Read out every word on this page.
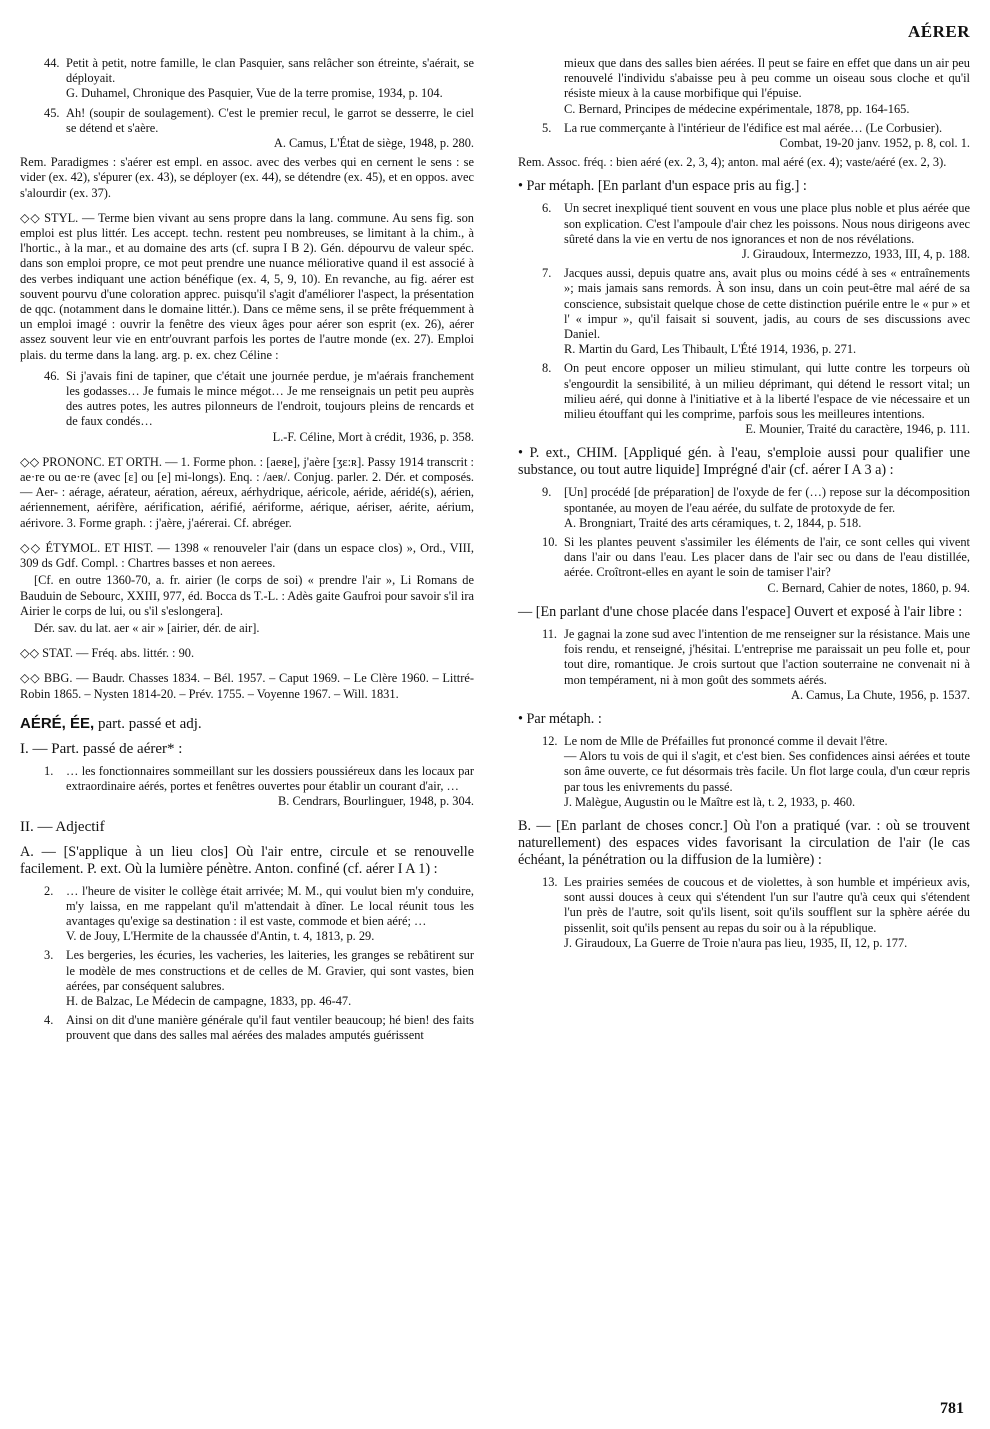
AÉRER
44. Petit à petit, notre famille, le clan Pasquier, sans relâcher son étreinte, s'aérait, se déployait.
G. Duhamel, Chronique des Pasquier, Vue de la terre promise, 1934, p. 104.
45. Ah! (soupir de soulagement). C'est le premier recul, le garrot se desserre, le ciel se détend et s'aère.
A. Camus, L'État de siège, 1948, p. 280.

Rem. Paradigmes : s'aérer est empl. en assoc. avec des verbes qui en cernent le sens : se vider (ex. 42), s'épurer (ex. 43), se déployer (ex. 44), se détendre (ex. 45), et en oppos. avec s'alourdir (ex. 37).

◇◇ STYL. — Terme bien vivant au sens propre dans la lang. commune. Au sens fig. son emploi est plus littér. Les accept. techn. restent peu nombreuses, se limitant à la chim., à l'hortic., à la mar., et au domaine des arts (cf. supra I B 2). Gén. dépourvu de valeur spéc. dans son emploi propre, ce mot peut prendre une nuance méliorative quand il est associé à des verbes indiquant une action bénéfique (ex. 4, 5, 9, 10). En revanche, au fig. aérer est souvent pourvu d'une coloration apprec. puisqu'il s'agit d'améliorer l'aspect, la présentation de qqc. (notamment dans le domaine littér.). Dans ce même sens, il se prête fréquemment à un emploi imagé : ouvrir la fenêtre des vieux âges pour aérer son esprit (ex. 26), aérer assez souvent leur vie en entr'ouvrant parfois les portes de l'autre monde (ex. 27). Emploi plais. du terme dans la lang. arg. p. ex. chez Céline :

46. Si j'avais fini de tapiner, que c'était une journée perdue, je m'aérais franchement les godasses… Je fumais le mince mégot… Je me renseignais un petit peu auprès des autres potes, les autres pilonneurs de l'endroit, toujours pleins de rencards et de faux condés…
L.-F. Céline, Mort à crédit, 1936, p. 358.

◇◇ PRONONC. ET ORTH. — 1. Forme phon. : [aeʀe], j'aère [ʒɛ:ʀ]. Passy 1914 transcrit : ae·re ou ɑe·re (avec [ɛ] ou [e] mi-longs). Enq. : /aeʀ/. Conjug. parler. 2. Dér. et composés. — Aer- : aérage, aérateur, aération, aéreux, aérhydrique, aéricole, aéride, aéridé(s), aérien, aériennement, aérifère, aérification, aérifié, aériforme, aérique, aériser, aérite, aérium, aérivore. 3. Forme graph. : j'aère, j'aérerai. Cf. abréger.

◇◇ ÉTYMOL. ET HIST. — 1398 « renouveler l'air (dans un espace clos) », Ord., VIII, 309 ds Gdf. Compl. : Chartres basses et non aerees.

[Cf. en outre 1360-70, a. fr. airier (le corps de soi) « prendre l'air », Li Romans de Bauduin de Sebourc, XXIII, 977, éd. Bocca ds T.-L. : Adès gaite Gaufroi pour savoir s'il ira Airier le corps de lui, ou s'il s'eslongera].

Dér. sav. du lat. aer « air » [airier, dér. de air].

◇◇ STAT. — Fréq. abs. littér. : 90.

◇◇ BBG. — Baudr. Chasses 1834. – Bél. 1957. – Caput 1969. – Le Clère 1960. – Littré-Robin 1865. – Nysten 1814-20. – Prév. 1755. – Voyenne 1967. – Will. 1831.

AÉRÉ, ÉE, part. passé et adj.
I. — Part. passé de aérer* :
1. … les fonctionnaires sommeillant sur les dossiers poussiéreux dans les locaux par extraordinaire aérés, portes et fenêtres ouvertes pour établir un courant d'air, …
B. Cendrars, Bourlinguer, 1948, p. 304.
II. — Adjectif
A. — [S'applique à un lieu clos] Où l'air entre, circule et se renouvelle facilement. P. ext. Où la lumière pénètre. Anton. confiné (cf. aérer I A 1) :
2. … l'heure de visiter le collège était arrivée; M. M., qui voulut bien m'y conduire, m'y laissa, en me rappelant qu'il m'attendait à dîner. Le local réunit tous les avantages qu'exige sa destination : il est vaste, commode et bien aéré; …
V. de Jouy, L'Hermite de la chaussée d'Antin, t. 4, 1813, p. 29.
3. Les bergeries, les écuries, les vacheries, les laiteries, les granges se rebâtirent sur le modèle de mes constructions et de celles de M. Gravier, qui sont vastes, bien aérées, par conséquent salubres.
H. de Balzac, Le Médecin de campagne, 1833, pp. 46-47.
4. Ainsi on dit d'une manière générale qu'il faut ventiler beaucoup; hé bien! des faits prouvent que dans des salles mal aérées des malades amputés guérissent
mieux que dans des salles bien aérées. Il peut se faire en effet que dans un air peu renouvelé l'individu s'abaisse peu à peu comme un oiseau sous cloche et qu'il résiste mieux à la cause morbifique qui l'épuise.
C. Bernard, Principes de médecine expérimentale, 1878, pp. 164-165.
5. La rue commerçante à l'intérieur de l'édifice est mal aérée… (Le Corbusier).
Combat, 19-20 janv. 1952, p. 8, col. 1.

Rem. Assoc. fréq. : bien aéré (ex. 2, 3, 4); anton. mal aéré (ex. 4); vaste/aéré (ex. 2, 3).

• Par métaph. [En parlant d'un espace pris au fig.] :
6. Un secret inexpliqué tient souvent en vous une place plus noble et plus aérée que son explication. C'est l'ampoule d'air chez les poissons. Nous nous dirigeons avec sûreté dans la vie en vertu de nos ignorances et non de nos révélations.
J. Giraudoux, Intermezzo, 1933, III, 4, p. 188.
7. Jacques aussi, depuis quatre ans, avait plus ou moins cédé à ses « entraînements »; mais jamais sans remords. À son insu, dans un coin peut-être mal aéré de sa conscience, subsistait quelque chose de cette distinction puérile entre le « pur » et l' « impur », qu'il faisait si souvent, jadis, au cours de ses discussions avec Daniel.
R. Martin du Gard, Les Thibault, L'Été 1914, 1936, p. 271.
8. On peut encore opposer un milieu stimulant, qui lutte contre les torpeurs où s'engourdit la sensibilité, à un milieu déprimant, qui détend le ressort vital; un milieu aéré, qui donne à l'initiative et à la liberté l'espace de vie nécessaire et un milieu étouffant qui les comprime, parfois sous les meilleures intentions.
E. Mounier, Traité du caractère, 1946, p. 111.
• P. ext., CHIM. [Appliqué gén. à l'eau, s'emploie aussi pour qualifier une substance, ou tout autre liquide] Imprégné d'air (cf. aérer I A 3 a) :
9. [Un] procédé [de préparation] de l'oxyde de fer (…) repose sur la décomposition spontanée, au moyen de l'eau aérée, du sulfate de protoxyde de fer.
A. Brongniart, Traité des arts céramiques, t. 2, 1844, p. 518.
10. Si les plantes peuvent s'assimiler les éléments de l'air, ce sont celles qui vivent dans l'air ou dans l'eau. Les placer dans de l'air sec ou dans de l'eau distillée, aérée. Croîtront-elles en ayant le soin de tamiser l'air?
C. Bernard, Cahier de notes, 1860, p. 94.
— [En parlant d'une chose placée dans l'espace] Ouvert et exposé à l'air libre :
11. Je gagnai la zone sud avec l'intention de me renseigner sur la résistance. Mais une fois rendu, et renseigné, j'hésitai. L'entreprise me paraissait un peu folle et, pour tout dire, romantique. Je crois surtout que l'action souterraine ne convenait ni à mon tempérament, ni à mon goût des sommets aérés.
A. Camus, La Chute, 1956, p. 1537.
• Par métaph. :
12. Le nom de Mlle de Préfailles fut prononcé comme il devait l'être.
— Alors tu vois de qui il s'agit, et c'est bien. Ses confidences ainsi aérées et toute son âme ouverte, ce fut désormais très facile. Un flot large coula, d'un cœur repris par tous les enivrements du passé.
J. Malègue, Augustin ou le Maître est là, t. 2, 1933, p. 460.
B. — [En parlant de choses concr.] Où l'on a pratiqué (var. : où se trouvent naturellement) des espaces vides favorisant la circulation de l'air (le cas échéant, la pénétration ou la diffusion de la lumière) :
13. Les prairies semées de coucous et de violettes, à son humble et impérieux avis, sont aussi douces à ceux qui s'étendent l'un sur l'autre qu'à ceux qui s'étendent l'un près de l'autre, soit qu'ils lisent, soit qu'ils soufflent sur la sphère aérée du pissenlit, soit qu'ils pensent au repas du soir ou à la république.
J. Giraudoux, La Guerre de Troie n'aura pas lieu, 1935, II, 12, p. 177.
781
